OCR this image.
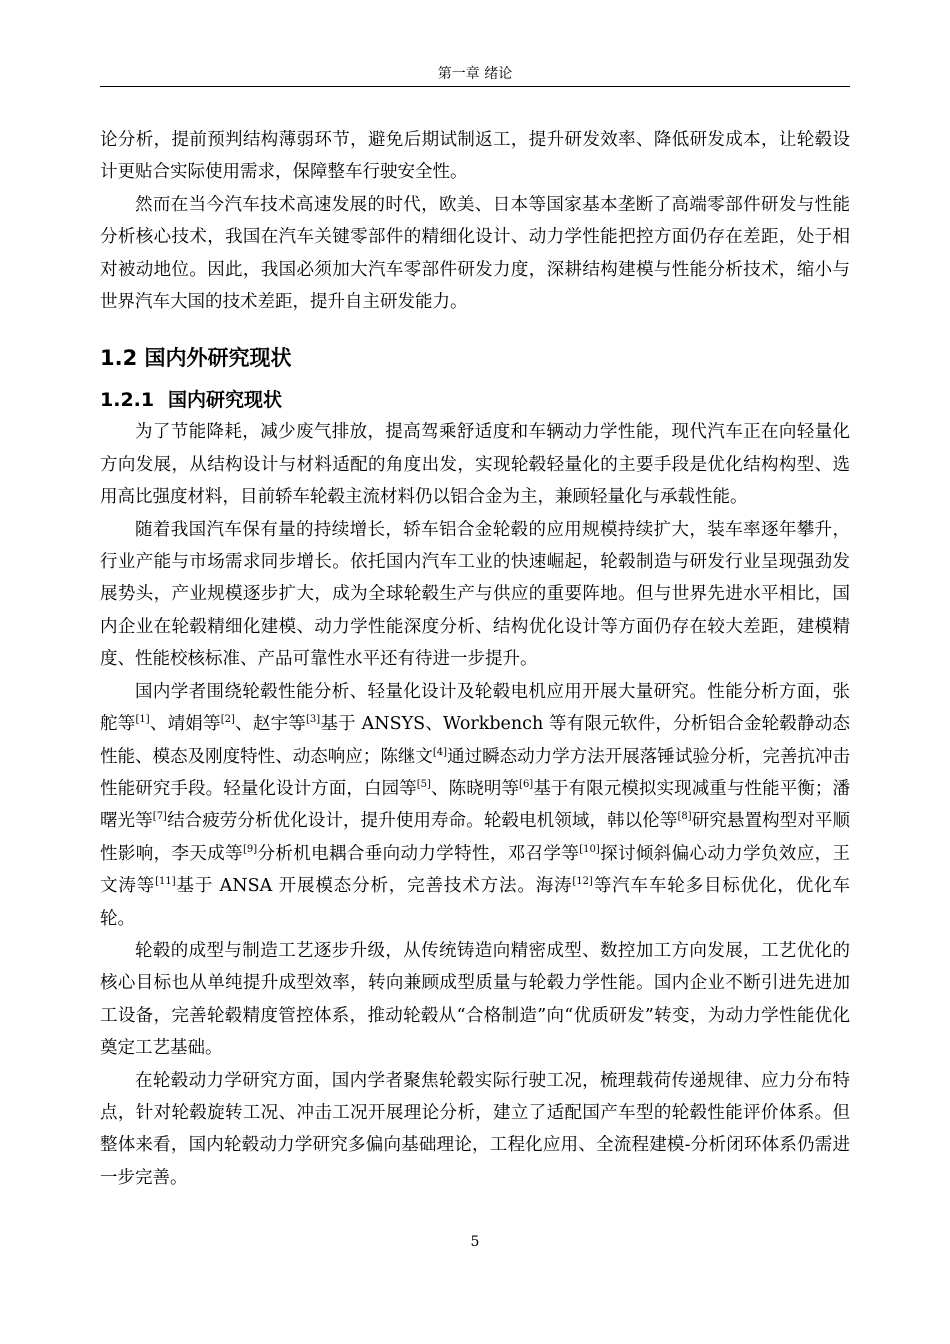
第一章 绪论

论分析，提前预判结构薄弱环节，避免后期试制返工，提升研发效率、降低研发成本，让轮毂设计更贴合实际使用需求，保障整车行驶安全性。

然而在当今汽车技术高速发展的时代，欧美、日本等国家基本垄断了高端零部件研发与性能分析核心技术，我国在汽车关键零部件的精细化设计、动力学性能把控方面仍存在差距，处于相对被动地位。因此，我国必须加大汽车零部件研发力度，深耕结构建模与性能分析技术，缩小与世界汽车大国的技术差距，提升自主研发能力。

1.2 国内外研究现状
1.2.1 国内研究现状

为了节能降耗，减少废气排放，提高驾乘舒适度和车辆动力学性能，现代汽车正在向轻量化方向发展，从结构设计与材料适配的角度出发，实现轮毂轻量化的主要手段是优化结构构型、选用高比强度材料，目前轿车轮毂主流材料仍以铝合金为主，兼顾轻量化与承载性能。

随着我国汽车保有量的持续增长，轿车铝合金轮毂的应用规模持续扩大，装车率逐年攀升，行业产能与市场需求同步增长。依托国内汽车工业的快速崛起，轮毂制造与研发行业呈现强劲发展势头，产业规模逐步扩大，成为全球轮毂生产与供应的重要阵地。但与世界先进水平相比，国内企业在轮毂精细化建模、动力学性能深度分析、结构优化设计等方面仍存在较大差距，建模精度、性能校核标准、产品可靠性水平还有待进一步提升。

国内学者围绕轮毂性能分析、轻量化设计及轮毂电机应用开展大量研究。性能分析方面，张舵等[1]、靖娟等[2]、赵宇等[3]基于 ANSYS、Workbench 等有限元软件，分析铝合金轮毂静动态性能、模态及刚度特性、动态响应；陈继文[4]通过瞬态动力学方法开展落锤试验分析，完善抗冲击性能研究手段。轻量化设计方面，白园等[5]、陈晓明等[6]基于有限元模拟实现减重与性能平衡；潘曙光等[7]结合疲劳分析优化设计，提升使用寿命。轮毂电机领域，韩以伦等[8]研究悬置构型对平顺性影响，李天成等[9]分析机电耦合垂向动力学特性，邓召学等[10]探讨倾斜偏心动力学负效应，王文涛等[11]基于 ANSA 开展模态分析，完善技术方法。海涛[12]等汽车车轮多目标优化，优化车轮。

轮毂的成型与制造工艺逐步升级，从传统铸造向精密成型、数控加工方向发展，工艺优化的核心目标也从单纯提升成型效率，转向兼顾成型质量与轮毂力学性能。国内企业不断引进先进加工设备，完善轮毂精度管控体系，推动轮毂从“合格制造”向“优质研发”转变，为动力学性能优化奠定工艺基础。

在轮毂动力学研究方面，国内学者聚焦轮毂实际行驶工况，梳理载荷传递规律、应力分布特点，针对轮毂旋转工况、冲击工况开展理论分析，建立了适配国产车型的轮毂性能评价体系。但整体来看，国内轮毂动力学研究多偏向基础理论，工程化应用、全流程建模-分析闭环体系仍需进一步完善。

5
